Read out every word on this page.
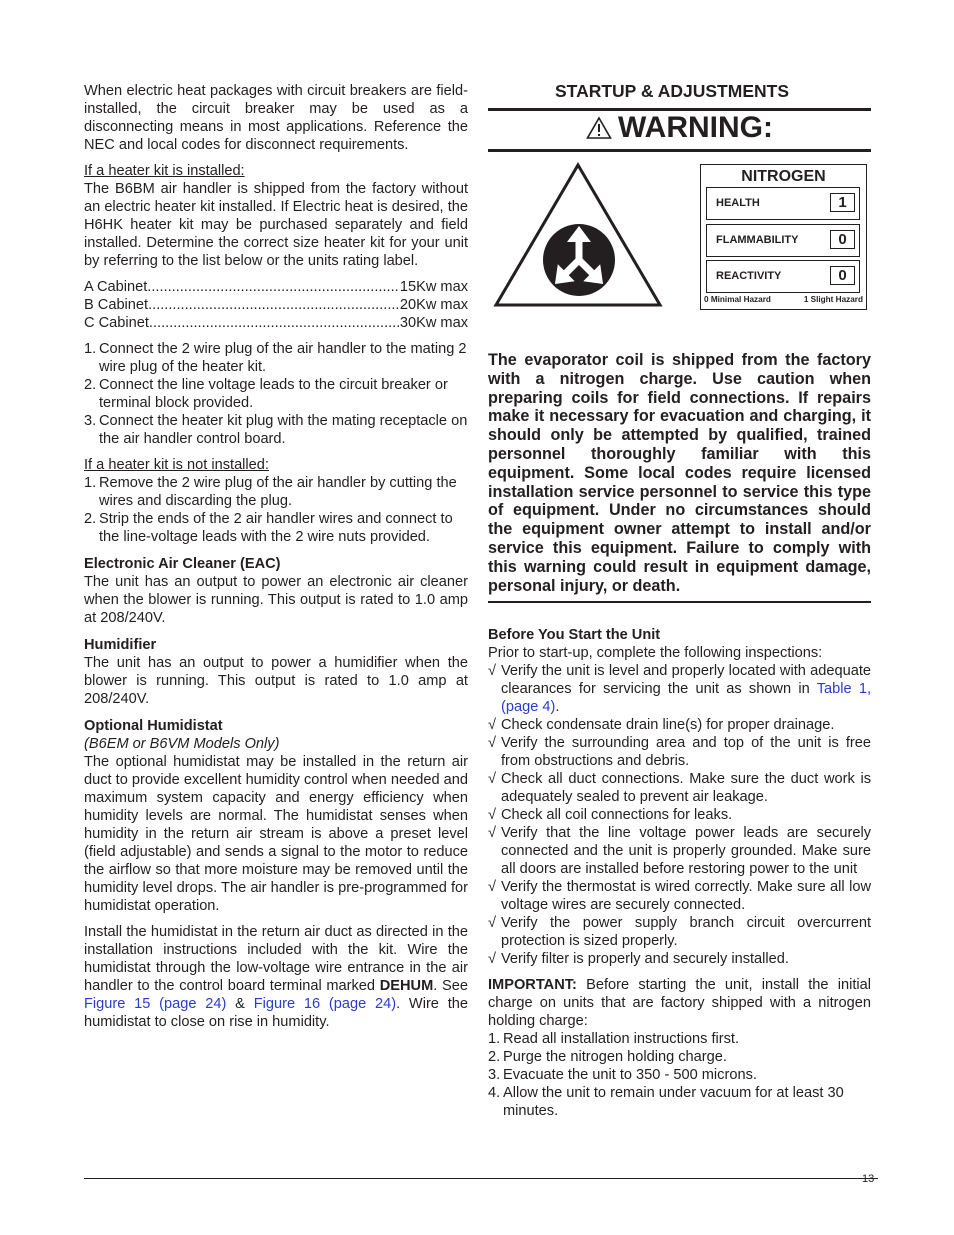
When electric heat packages with circuit breakers are field-installed, the circuit breaker may be used as a disconnecting means in most applications. Reference the NEC and local codes for disconnect requirements.

If a heater kit is installed:

The B6BM air handler is shipped from the factory without an electric heater kit installed. If Electric heat is desired, the H6HK heater kit may be purchased separately and field installed. Determine the correct size heater kit for your unit by referring to the list below or the units rating label.

A Cabinet .....	15Kw max
B Cabinet .....	20Kw max
C Cabinet .....	30Kw max
1. Connect the 2 wire plug of the air handler to the mating 2 wire plug of the heater kit.
2. Connect the line voltage leads to the circuit breaker or terminal block provided.
3. Connect the heater kit plug with the mating receptacle on the air handler control board.

If a heater kit is not installed:

1. Remove the 2 wire plug of the air handler by cutting the wires and discarding the plug.
2. Strip the ends of the 2 air handler wires and connect to the line-voltage leads with the 2 wire nuts provided.

Electronic Air Cleaner (EAC)

The unit has an output to power an electronic air cleaner when the blower is running. This output is rated to 1.0 amp at 208/240V.

Humidifier

The unit has an output to power a humidifier when the blower is running. This output is rated to 1.0 amp at 208/240V.

Optional Humidistat

(B6EM or B6VM Models Only)

The optional humidistat may be installed in the return air duct to provide excellent humidity control when needed and maximum system capacity and energy efficiency when humidity levels are normal. The humidistat senses when humidity in the return air stream is above a preset level (field adjustable) and sends a signal to the motor to reduce the airflow so that more moisture may be removed until the humidity level drops. The air handler is pre-programmed for humidistat operation.

Install the humidistat in the return air duct as directed in the installation instructions included with the kit. Wire the humidistat through the low-voltage wire entrance in the air handler to the control board terminal marked DEHUM. See Figure 15 (page 24) & Figure 16 (page 24). Wire the humidistat to close on rise in humidity.

STARTUP & ADJUSTMENTS
WARNING:
NITROGEN
HEALTH	1
FLAMMABILITY	0
REACTIVITY	0
0 Minimal Hazard	1 Slight Hazard

The evaporator coil is shipped from the factory with a nitrogen charge. Use caution when preparing coils for field connections. If repairs make it necessary for evacuation and charging, it should only be attempted by qualified, trained personnel thoroughly familiar with this equipment. Some local codes require licensed installation service personnel to service this type of equipment. Under no circumstances should the equipment owner attempt to install and/or service this equipment. Failure to comply with this warning could result in equipment damage, personal injury, or death.

Before You Start the Unit

Prior to start-up, complete the following inspections:

√ Verify the unit is level and properly located with adequate clearances for servicing the unit as shown in Table 1, (page 4).
√ Check condensate drain line(s) for proper drainage.
√ Verify the surrounding area and top of the unit is free from obstructions and debris.
√ Check all duct connections. Make sure the duct work is adequately sealed to prevent air leakage.
√ Check all coil connections for leaks.
√ Verify that the line voltage power leads are securely connected and the unit is properly grounded. Make sure all doors are installed before restoring power to the unit
√ Verify the thermostat is wired correctly. Make sure all low voltage wires are securely connected.
√ Verify the power supply branch circuit overcurrent protection is sized properly.
√ Verify filter is properly and securely installed.

IMPORTANT: Before starting the unit, install the initial charge on units that are factory shipped with a nitrogen holding charge:

1. Read all installation instructions first.
2. Purge the nitrogen holding charge.
3. Evacuate the unit to 350 - 500 microns.
4. Allow the unit to remain under vacuum for at least 30 minutes.
13
